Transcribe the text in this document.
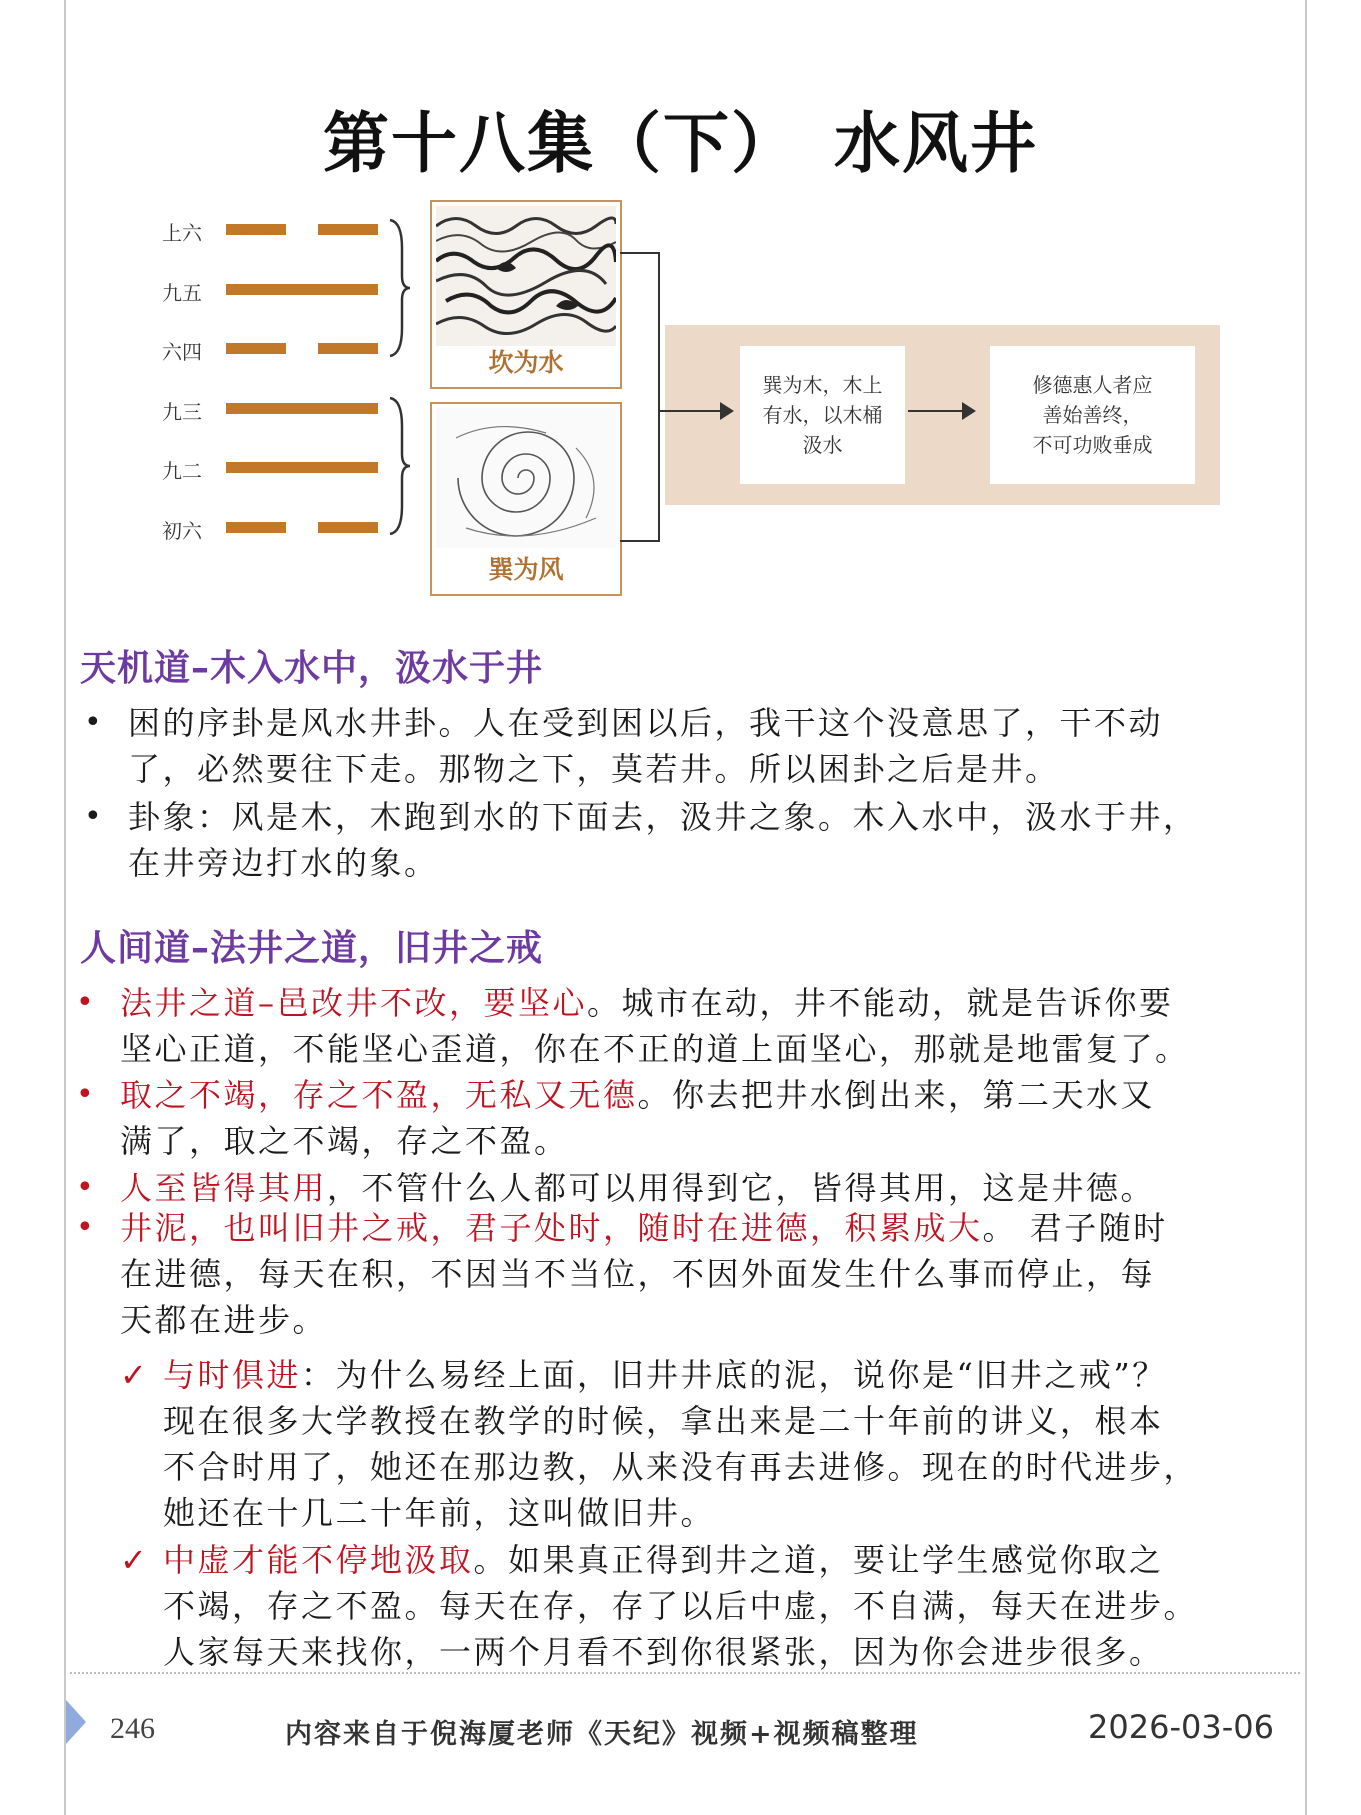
第十八集（下）　水风井
上六
九五
六四
九三
九二
初六
坎为水
巽为风
巽为木，木上
有水，以木桶
汲水
修德惠人者应
善始善终，
不可功败垂成
天机道–木入水中，汲水于井
• 困的序卦是风水井卦。人在受到困以后，我干这个没意思了，干不动
了，必然要往下走。那物之下，莫若井。所以困卦之后是井。
• 卦象：风是木，木跑到水的下面去，汲井之象。木入水中，汲水于井，
在井旁边打水的象。
人间道–法井之道，旧井之戒
• 法井之道–邑改井不改，要坚心。城市在动，井不能动，就是告诉你要
坚心正道，不能坚心歪道，你在不正的道上面坚心，那就是地雷复了。
• 取之不竭，存之不盈，无私又无德。你去把井水倒出来，第二天水又
满了，取之不竭，存之不盈。
• 人至皆得其用，不管什么人都可以用得到它，皆得其用，这是井德。
• 井泥，也叫旧井之戒，君子处时，随时在进德，积累成大。 君子随时
在进德，每天在积，不因当不当位，不因外面发生什么事而停止，每
天都在进步。
✓ 与时俱进：为什么易经上面，旧井井底的泥，说你是“旧井之戒”？
现在很多大学教授在教学的时候，拿出来是二十年前的讲义，根本
不合时用了，她还在那边教，从来没有再去进修。现在的时代进步，
她还在十几二十年前，这叫做旧井。
✓ 中虚才能不停地汲取。如果真正得到井之道，要让学生感觉你取之
不竭，存之不盈。每天在存，存了以后中虚，不自满，每天在进步。
人家每天来找你，一两个月看不到你很紧张，因为你会进步很多。
246	内容来自于倪海厦老师《天纪》视频+视频稿整理	2026-03-06
